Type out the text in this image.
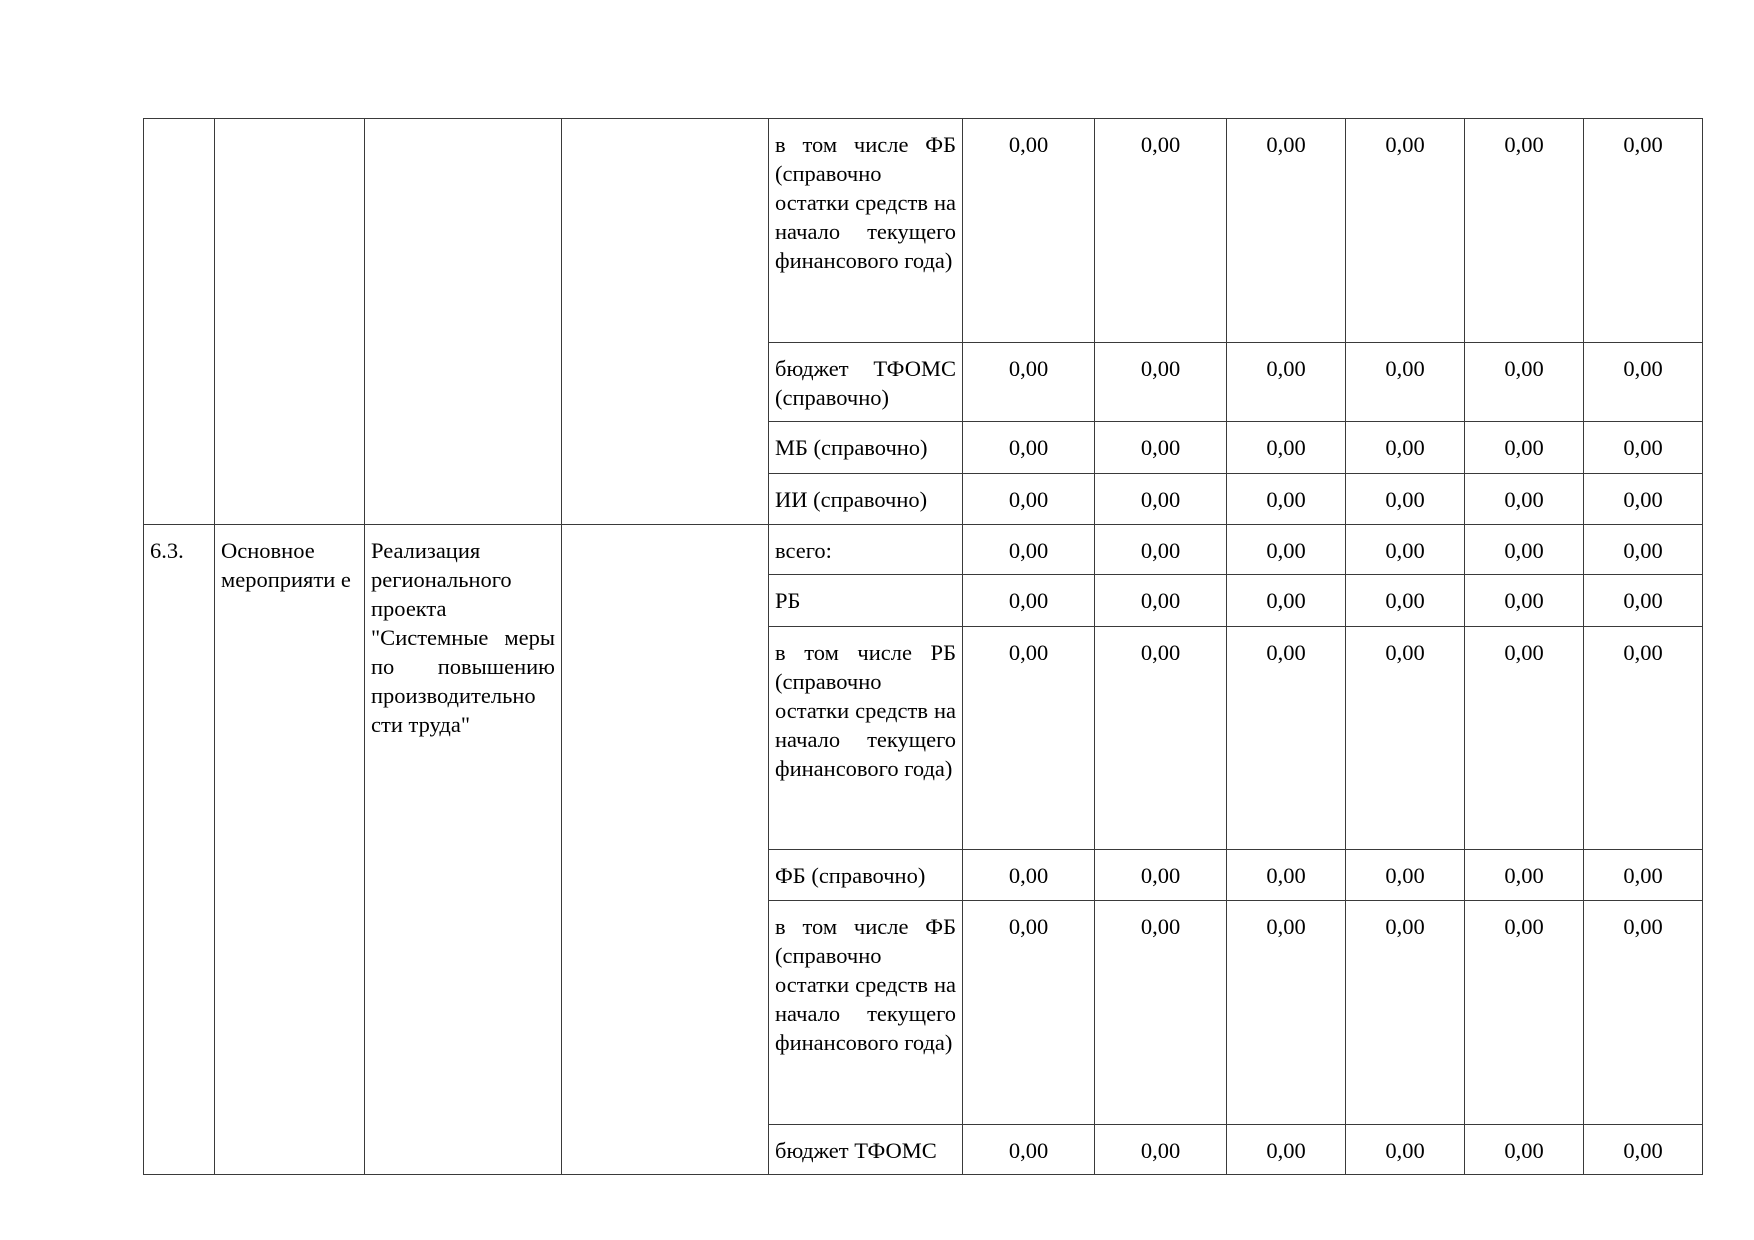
				в том числе ФБ (справочно остатки средств на начало текущего финансового года)	0,00	0,00	0,00	0,00	0,00	0,00
				бюджет ТФОМС (справочно)	0,00	0,00	0,00	0,00	0,00	0,00
				МБ (справочно)	0,00	0,00	0,00	0,00	0,00	0,00
				ИИ (справочно)	0,00	0,00	0,00	0,00	0,00	0,00
6.3.	Основное мероприяти е	Реализация регионального проекта "Системные меры по повышению производительно сти труда"		всего:	0,00	0,00	0,00	0,00	0,00	0,00
				РБ	0,00	0,00	0,00	0,00	0,00	0,00
				в том числе РБ (справочно остатки средств на начало текущего финансового года)	0,00	0,00	0,00	0,00	0,00	0,00
				ФБ (справочно)	0,00	0,00	0,00	0,00	0,00	0,00
				в том числе ФБ (справочно остатки средств на начало текущего финансового года)	0,00	0,00	0,00	0,00	0,00	0,00
				бюджет ТФОМС	0,00	0,00	0,00	0,00	0,00	0,00
